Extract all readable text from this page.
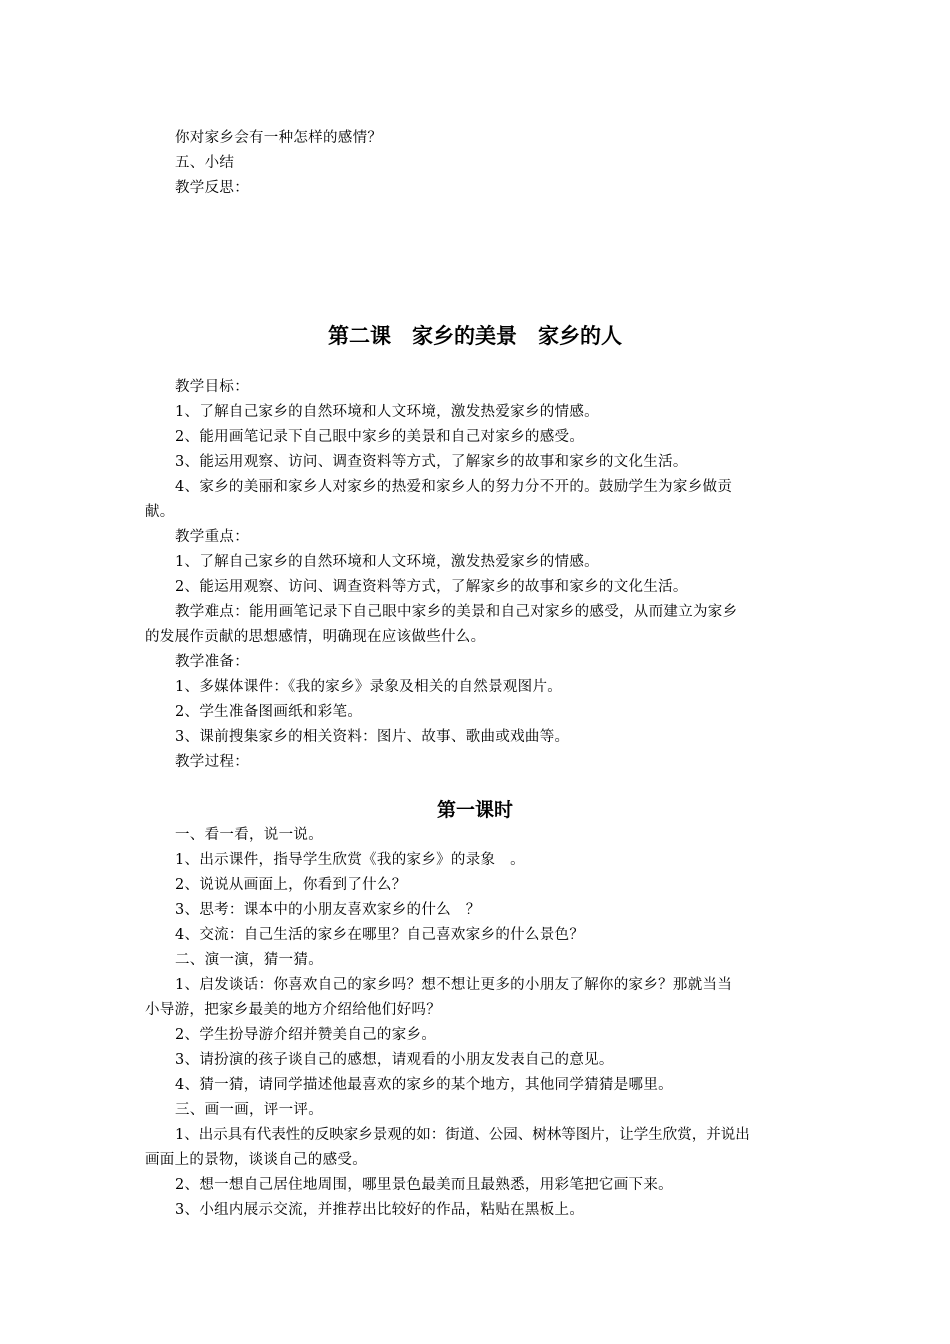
你对家乡会有一种怎样的感情？
五、小结
教学反思：
第二课　家乡的美景　家乡的人
教学目标：
1、了解自己家乡的自然环境和人文环境，激发热爱家乡的情感。
2、能用画笔记录下自己眼中家乡的美景和自己对家乡的感受。
3、能运用观察、访问、调查资料等方式，了解家乡的故事和家乡的文化生活。
4、家乡的美丽和家乡人对家乡的热爱和家乡人的努力分不开的。鼓励学生为家乡做贡
献。
教学重点：
1、了解自己家乡的自然环境和人文环境，激发热爱家乡的情感。
2、能运用观察、访问、调查资料等方式，了解家乡的故事和家乡的文化生活。
教学难点：能用画笔记录下自己眼中家乡的美景和自己对家乡的感受，从而建立为家乡
的发展作贡献的思想感情，明确现在应该做些什么。
教学准备：
1、多媒体课件：《我的家乡》录象及相关的自然景观图片。
2、学生准备图画纸和彩笔。
3、课前搜集家乡的相关资料：图片、故事、歌曲或戏曲等。
教学过程：
第一课时
一、看一看，说一说。
1、出示课件，指导学生欣赏《我的家乡》的录象　。
2、说说从画面上，你看到了什么？
3、思考：课本中的小朋友喜欢家乡的什么　？
4、交流：自己生活的家乡在哪里？自己喜欢家乡的什么景色？
二、演一演，猜一猜。
1、启发谈话：你喜欢自己的家乡吗？想不想让更多的小朋友了解你的家乡？那就当当
小导游，把家乡最美的地方介绍给他们好吗？
2、学生扮导游介绍并赞美自己的家乡。
3、请扮演的孩子谈自己的感想，请观看的小朋友发表自己的意见。
4、猜一猜，请同学描述他最喜欢的家乡的某个地方，其他同学猜猜是哪里。
三、画一画，评一评。
1、出示具有代表性的反映家乡景观的如：街道、公园、树林等图片，让学生欣赏，并说出
画面上的景物，谈谈自己的感受。
2、想一想自己居住地周围，哪里景色最美而且最熟悉，用彩笔把它画下来。
3、小组内展示交流，并推荐出比较好的作品，粘贴在黑板上。
